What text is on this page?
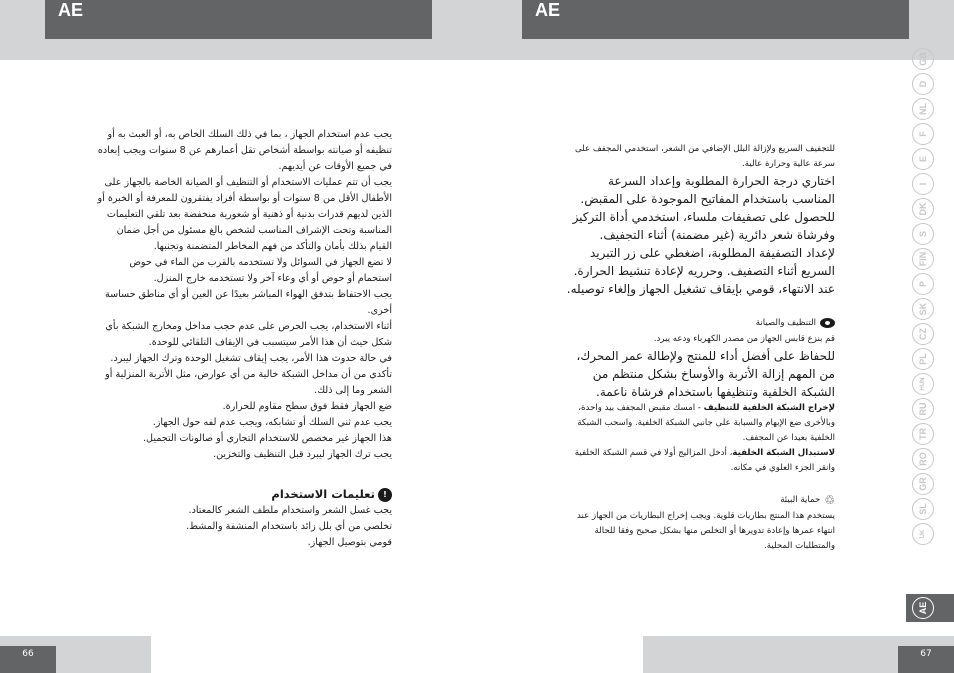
AE	AE

يجب عدم استخدام الجهاز ، بما في ذلك السلك الخاص به، أو العبث به أو تنظيفه أو صيانته بواسطة أشخاص تقل أعمارهم عن 8 سنوات ويجب إبعاده في جميع الأوقات عن أيديهم.

يجب أن تتم عمليات الاستخدام أو التنظيف أو الصيانة الخاصة بالجهاز على الأطفال الأقل من 8 سنوات أو بواسطة أفراد يفتقرون للمعرفة أو الخبرة أو الذين لديهم قدرات بدنية أو ذهنية أو شعورية منخفضة بعد تلقي التعليمات المناسبة وتحت الإشراف المناسب لشخص بالغ مسئول من أجل ضمان القيام بذلك بأمان والتأكد من فهم المخاطر المتضمنة وتجنبها.

لا تضع الجهاز في السوائل ولا تستخدمه بالقرب من الماء في حوض استحمام أو حوض أو أي وعاء آخر ولا تستخدمه خارج المنزل.

يجب الاحتفاظ بتدفق الهواء المباشر بعيدًا عن العين أو أي مناطق حساسة أخرى.

أثناء الاستخدام، يجب الحرص على عدم حجب مداخل ومخارج الشبكة بأي شكل حيث أن هذا الأمر سيتسبب في الإيقاف التلقائي للوحدة.

في حالة حدوث هذا الأمر، يجب إيقاف تشغيل الوحدة وترك الجهاز ليبرد.

تأكدي من أن مداخل الشبكة خالية من أي عوارض، مثل الأتربة المنزلية أو الشعر وما إلى ذلك.

ضع الجهاز فقط فوق سطح مقاوم للحرارة.

يجب عدم ثني السلك أو تشابكه، ويجب عدم لفه حول الجهاز.

هذا الجهاز غير مخصص للاستخدام التجاري أو صالونات التجميل.

يجب ترك الجهاز ليبرد قبل التنظيف والتخزين.

!تعليمات الاستخدام

يجب غسل الشعر واستخدام ملطف الشعر كالمعتاد.

تخلصي من أي بلل زائد باستخدام المنشفة والمشط.

قومي بتوصيل الجهاز.

للتجفيف السريع ولإزالة البلل الإضافي من الشعر، استخدمي المجفف على سرعة عالية وحرارة عالية.

اختاري درجة الحرارة المطلوبة وإعداد السرعة المناسب باستخدام المفاتيح الموجودة على المقبض.

للحصول على تصفيفات ملساء، استخدمي أداة التركيز وفرشاة شعر دائرية (غير مضمنة) أثناء التجفيف.

لإعداد التصفيفة المطلوبة، اضغطي على زر التبريد السريع أثناء التصفيف. وحرريه لإعادة تنشيط الحرارة.

عند الانتهاء، قومي بإيقاف تشغيل الجهاز وإلغاء توصيله.

التنظيف والصيانة

قم بنزع قابس الجهاز من مصدر الكهرباء ودعه يبرد.

للحفاظ على أفضل أداء للمنتج ولإطالة عمر المحرك، من المهم إزالة الأتربة والأوساخ بشكل منتظم من الشبكة الخلفية وتنظيفها باستخدام فرشاة ناعمة.

لإخراج الشبكة الخلفية للتنظيف - امسك مقبض المجفف بيد واحدة، وبالأخرى ضع الإبهام والسبابة على جانبي الشبكة الخلفية. واسحب الشبكة الخلفية بعيدا عن المجفف.

لاستبدال الشبكة الخلفية، أدخل المزاليج أولا في قسم الشبكة الخلفية وانقر الجزء العلوي في مكانه.

♲حماية البيئة

يستخدم هذا المنتج بطاريات قلوية. ويجب إخراج البطاريات من الجهاز عند انتهاء عمرها وإعادة تدويرها أو التخلص منها بشكل صحيح وفقا للحالة والمتطلبات المحلية.

GB
D
NL
F
E
I
DK
S
FIN
P
SK
CZ
PL
HUN
RU
TR
RO
GR
SL
UK
AE
66	67
